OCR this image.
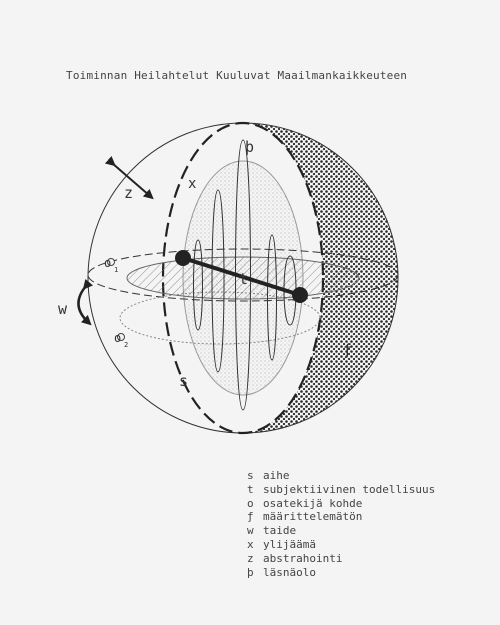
Toiminnan Heilahtelut Kuuluvat Maailmankaikkeuteen
þ
x
z
w
t
s
ƒ
o 1
o 2
s aihe
t subjektiivinen todellisuus
o osatekijä kohde
ƒ määrittelemätön
w taide
x ylijäämä
z abstrahointi
þ läsnäolo
